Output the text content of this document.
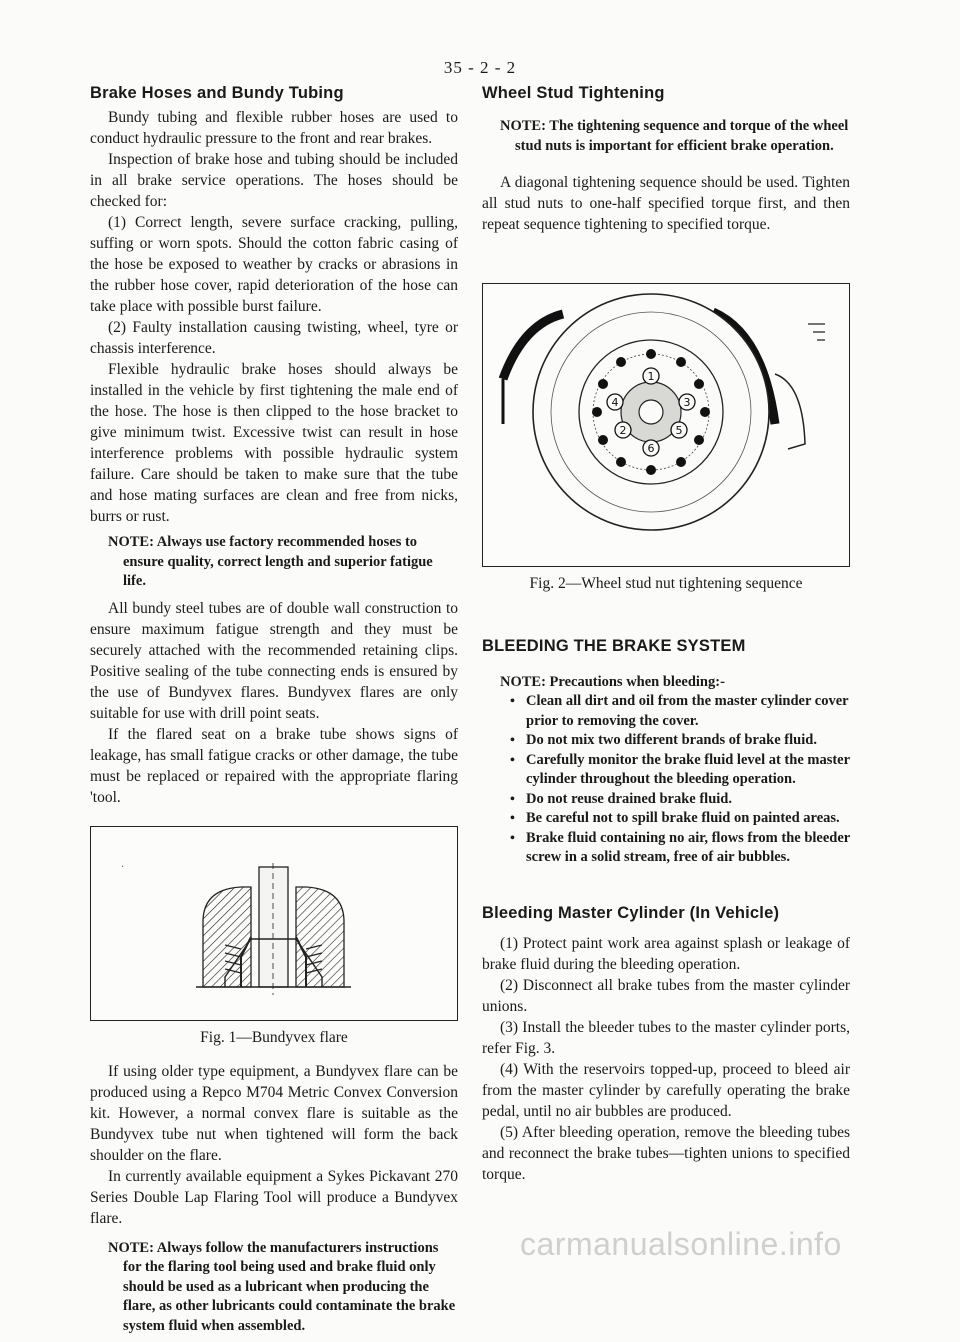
35 - 2 - 2
Brake Hoses and Bundy Tubing

Bundy tubing and flexible rubber hoses are used to conduct hydraulic pressure to the front and rear brakes.

Inspection of brake hose and tubing should be included in all brake service operations. The hoses should be checked for:

(1) Correct length, severe surface cracking, pulling, suffing or worn spots. Should the cotton fabric casing of the hose be exposed to weather by cracks or abrasions in the rubber hose cover, rapid deterioration of the hose can take place with possible burst failure.

(2) Faulty installation causing twisting, wheel, tyre or chassis interference.

Flexible hydraulic brake hoses should always be installed in the vehicle by first tightening the male end of the hose. The hose is then clipped to the hose bracket to give minimum twist. Excessive twist can result in hose interference problems with possible hydraulic system failure. Care should be taken to make sure that the tube and hose mating surfaces are clean and free from nicks, burrs or rust.

NOTE: Always use factory recommended hoses to ensure quality, correct length and superior fatigue life.

All bundy steel tubes are of double wall construction to ensure maximum fatigue strength and they must be securely attached with the recommended retaining clips. Positive sealing of the tube connecting ends is ensured by the use of Bundyvex flares. Bundyvex flares are only suitable for use with drill point seats.

If the flared seat on a brake tube shows signs of leakage, has small fatigue cracks or other damage, the tube must be replaced or repaired with the appropriate flaring 'tool.

.
Fig. 1—Bundyvex flare

If using older type equipment, a Bundyvex flare can be produced using a Repco M704 Metric Convex Conversion kit. However, a normal convex flare is suitable as the Bundyvex tube nut when tightened will form the back shoulder on the flare.

In currently available equipment a Sykes Pickavant 270 Series Double Lap Flaring Tool will produce a Bundyvex flare.

NOTE: Always follow the manufacturers instructions for the flaring tool being used and brake fluid only should be used as a lubricant when producing the flare, as other lubricants could contaminate the brake system fluid when assembled.
Wheel Stud Tightening
NOTE: The tightening sequence and torque of the wheel stud nuts is important for efficient brake operation.

A diagonal tightening sequence should be used. Tighten all stud nuts to one-half specified torque first, and then repeat sequence tightening to specified torque.

1
2
3
4
5
6
Fig. 2—Wheel stud nut tightening sequence
BLEEDING THE BRAKE SYSTEM
NOTE: Precautions when bleeding:-
• Clean all dirt and oil from the master cylinder cover prior to removing the cover.
• Do not mix two different brands of brake fluid.
• Carefully monitor the brake fluid level at the master cylinder throughout the bleeding operation.
• Do not reuse drained brake fluid.
• Be careful not to spill brake fluid on painted areas.
• Brake fluid containing no air, flows from the bleeder screw in a solid stream, free of air bubbles.
Bleeding Master Cylinder (In Vehicle)

(1) Protect paint work area against splash or leakage of brake fluid during the bleeding operation.

(2) Disconnect all brake tubes from the master cylinder unions.

(3) Install the bleeder tubes to the master cylinder ports, refer Fig. 3.

(4) With the reservoirs topped-up, proceed to bleed air from the master cylinder by carefully operating the brake pedal, until no air bubbles are produced.

(5) After bleeding operation, remove the bleeding tubes and reconnect the brake tubes—tighten unions to specified torque.

carmanualsonline.info
